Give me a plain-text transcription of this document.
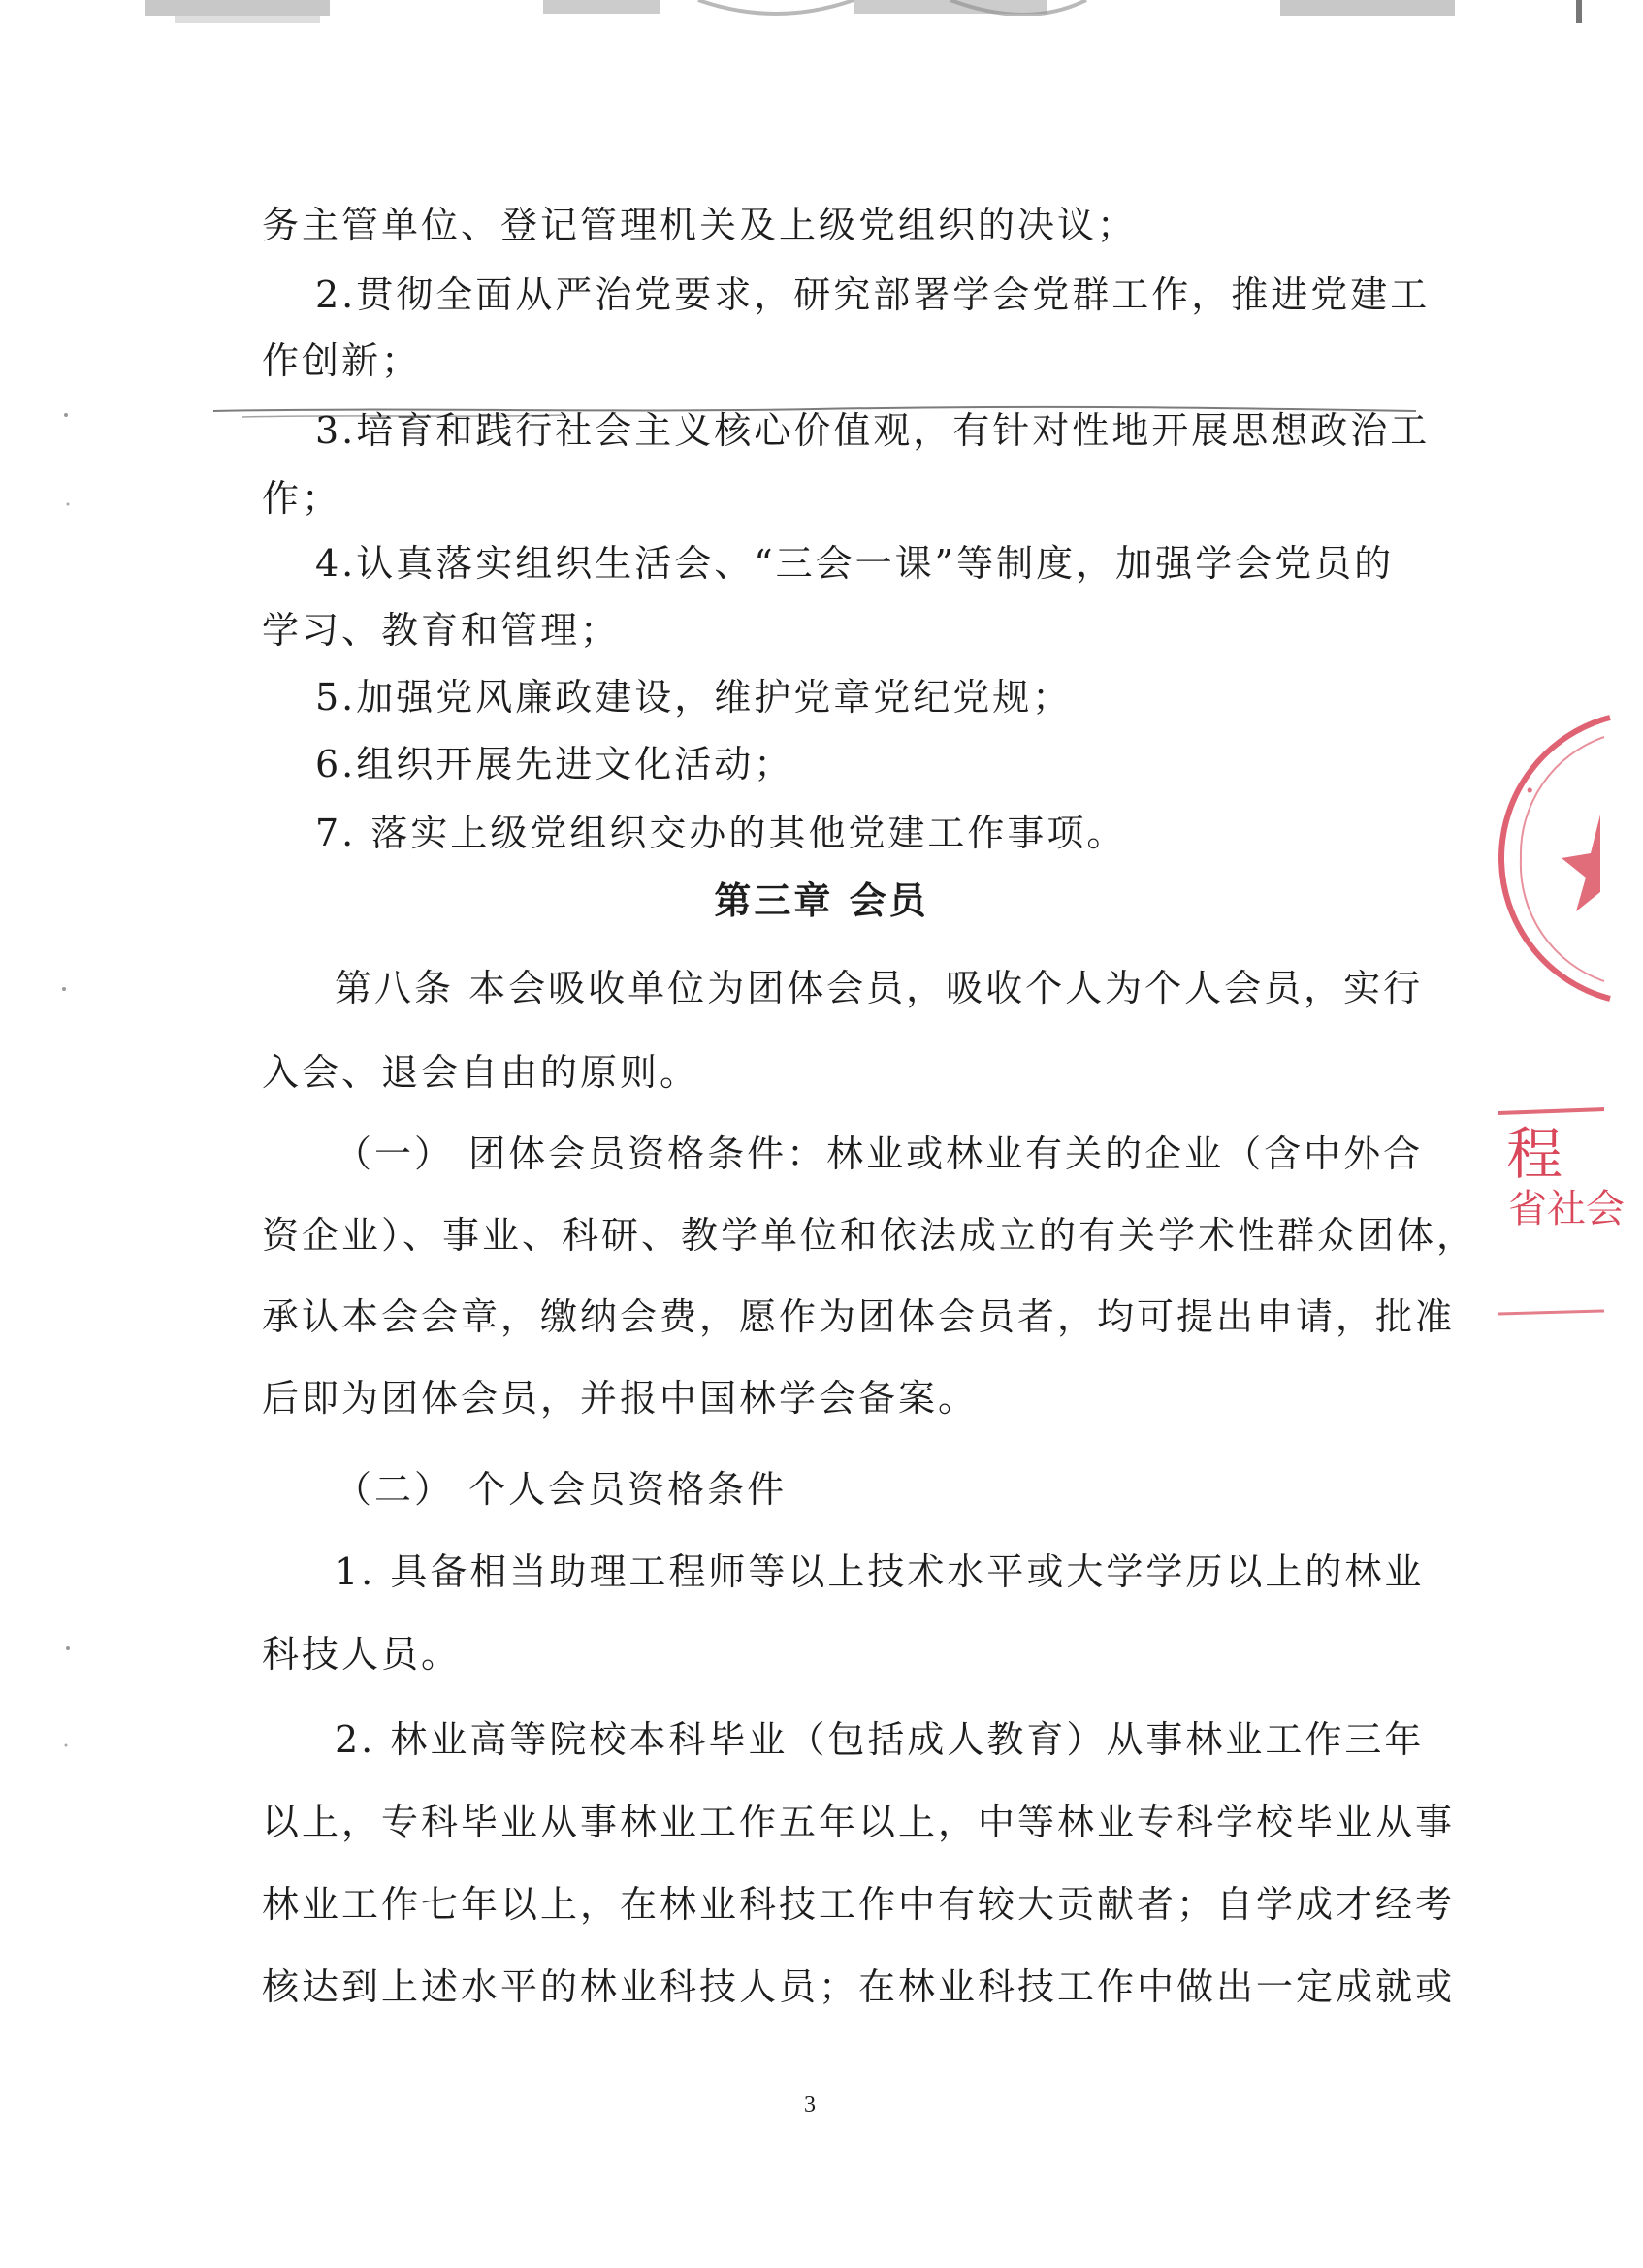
务主管单位、登记管理机关及上级党组织的决议；
2.贯彻全面从严治党要求，研究部署学会党群工作，推进党建工
作创新；
3.培育和践行社会主义核心价值观，有针对性地开展思想政治工
作；
4.认真落实组织生活会、“三会一课”等制度，加强学会党员的
学习、教育和管理；
5.加强党风廉政建设，维护党章党纪党规；
6.组织开展先进文化活动；
7. 落实上级党组织交办的其他党建工作事项。
第三章 会员
第八条 本会吸收单位为团体会员，吸收个人为个人会员，实行
入会、退会自由的原则。
（一） 团体会员资格条件：林业或林业有关的企业（含中外合
资企业）、事业、科研、教学单位和依法成立的有关学术性群众团体，
承认本会会章，缴纳会费，愿作为团体会员者，均可提出申请，批准
后即为团体会员，并报中国林学会备案。
（二） 个人会员资格条件
1. 具备相当助理工程师等以上技术水平或大学学历以上的林业
科技人员。
2. 林业高等院校本科毕业（包括成人教育）从事林业工作三年
以上，专科毕业从事林业工作五年以上，中等林业专科学校毕业从事
林业工作七年以上，在林业科技工作中有较大贡献者；自学成才经考
核达到上述水平的林业科技人员；在林业科技工作中做出一定成就或
3
·
程
省社会
